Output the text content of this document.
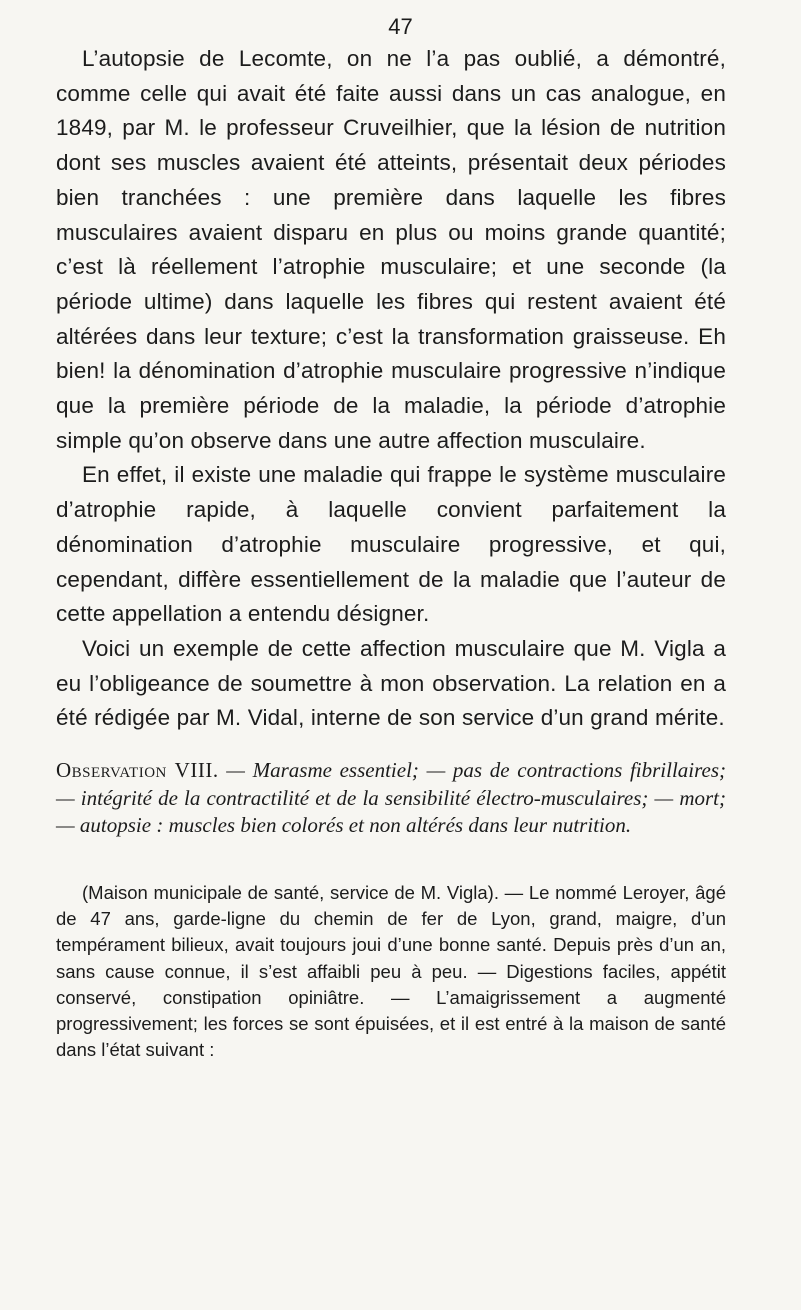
47

L’autopsie de Lecomte, on ne l’a pas oublié, a démontré, comme celle qui avait été faite aussi dans un cas analogue, en 1849, par M. le professeur Cruveilhier, que la lésion de nutrition dont ses muscles avaient été atteints, présentait deux périodes bien tranchées : une première dans laquelle les fibres musculaires avaient disparu en plus ou moins grande quantité; c’est là réellement l’atrophie musculaire; et une seconde (la période ultime) dans laquelle les fibres qui restent avaient été altérées dans leur texture; c’est la transformation graisseuse. Eh bien! la dénomination d’atrophie musculaire progressive n’indique que la première période de la maladie, la période d’atrophie simple qu’on observe dans une autre affection musculaire.

En effet, il existe une maladie qui frappe le système musculaire d’atrophie rapide, à laquelle convient parfaitement la dénomination d’atrophie musculaire progressive, et qui, cependant, diffère essentiellement de la maladie que l’auteur de cette appellation a entendu désigner.

Voici un exemple de cette affection musculaire que M. Vigla a eu l’obligeance de soumettre à mon observation. La relation en a été rédigée par M. Vidal, interne de son service d’un grand mérite.

Observation VIII. — Marasme essentiel; — pas de contractions fibrillaires; — intégrité de la contractilité et de la sensibilité électro-musculaires; — mort; — autopsie : muscles bien colorés et non altérés dans leur nutrition.

(Maison municipale de santé, service de M. Vigla). — Le nommé Leroyer, âgé de 47 ans, garde-ligne du chemin de fer de Lyon, grand, maigre, d’un tempérament bilieux, avait toujours joui d’une bonne santé. Depuis près d’un an, sans cause connue, il s’est affaibli peu à peu. — Digestions faciles, appétit conservé, constipation opiniâtre. — L’amaigrissement a augmenté progressivement; les forces se sont épuisées, et il est entré à la maison de santé dans l’état suivant :
